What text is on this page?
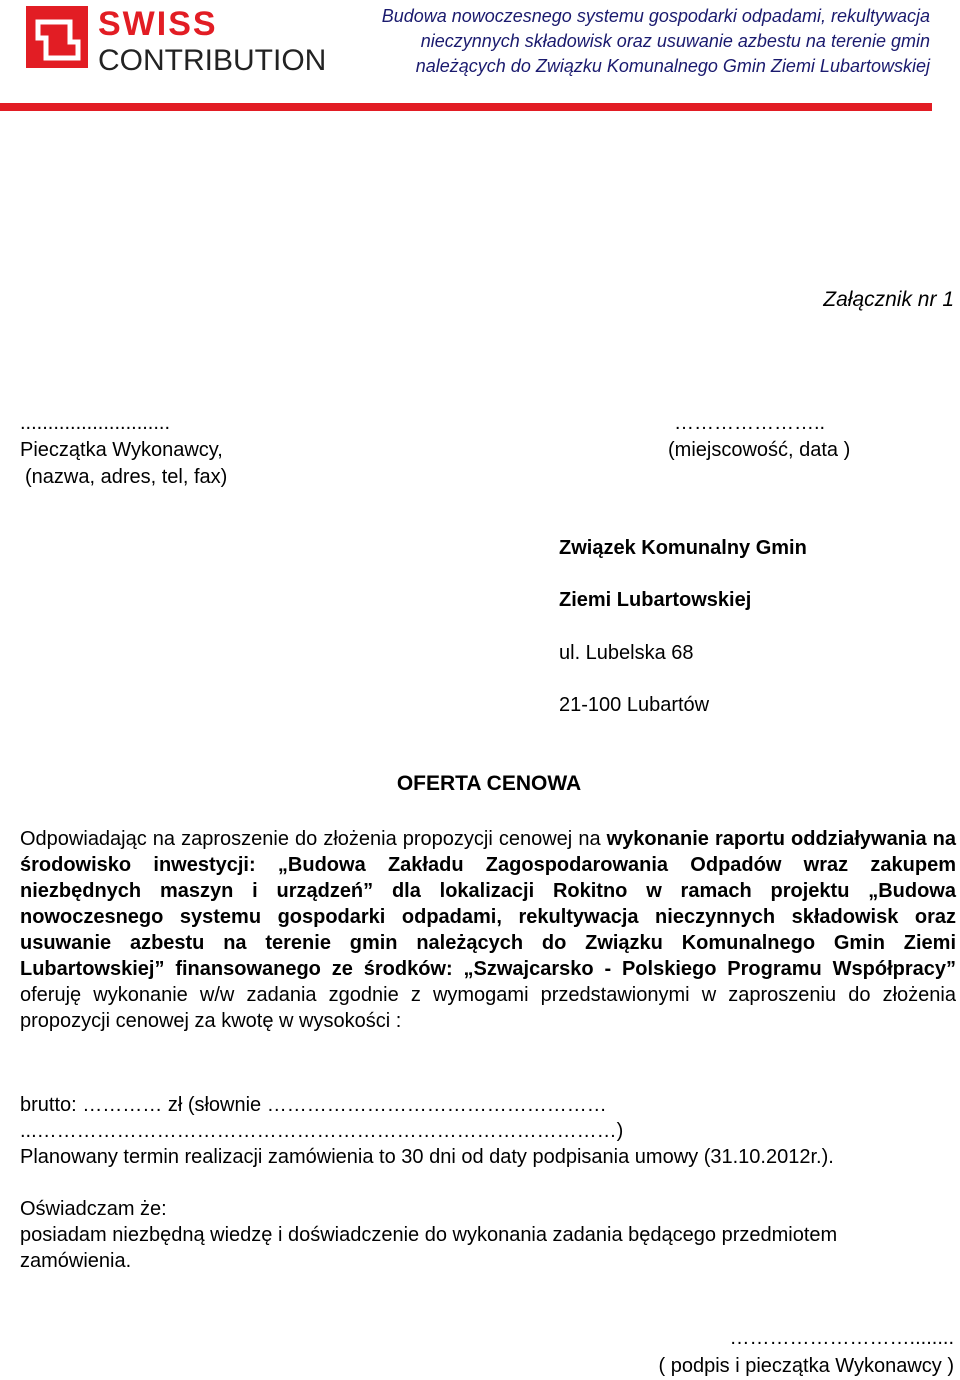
SWISS
CONTRIBUTION
Budowa nowoczesnego systemu gospodarki odpadami, rekultywacja
nieczynnych składowisk oraz usuwanie azbestu na terenie gmin
należących do Związku Komunalnego Gmin Ziemi Lubartowskiej
Załącznik nr 1
...........................
Pieczątka Wykonawcy,
(nazwa, adres, tel, fax)
…………………..
(miejscowość, data )
Związek Komunalny Gmin
Ziemi Lubartowskiej
ul. Lubelska 68
21-100 Lubartów
OFERTA CENOWA
Odpowiadając na zaproszenie do złożenia propozycji cenowej na wykonanie raportu oddziaływania na środowisko inwestycji: „Budowa Zakładu Zagospodarowania Odpadów wraz zakupem niezbędnych maszyn i urządzeń” dla lokalizacji Rokitno w ramach projektu „Budowa nowoczesnego systemu gospodarki odpadami, rekultywacja nieczynnych składowisk oraz usuwanie azbestu na terenie gmin należących do Związku Komunalnego Gmin Ziemi Lubartowskiej” finansowanego ze środków: „Szwajcarsko - Polskiego Programu Współpracy” oferuję wykonanie w/w zadania zgodnie z wymogami przedstawionymi w zaproszeniu do złożenia propozycji cenowej za kwotę w wysokości :
brutto: ………… zł (słownie ……………………………………………
...……………………………………………………………………………)
Planowany termin realizacji zamówienia to 30 dni od daty podpisania umowy (31.10.2012r.).
Oświadczam że:
posiadam niezbędną wiedzę i doświadczenie do wykonania zadania będącego przedmiotem zamówienia.
………………………........
( podpis i pieczątka Wykonawcy )
